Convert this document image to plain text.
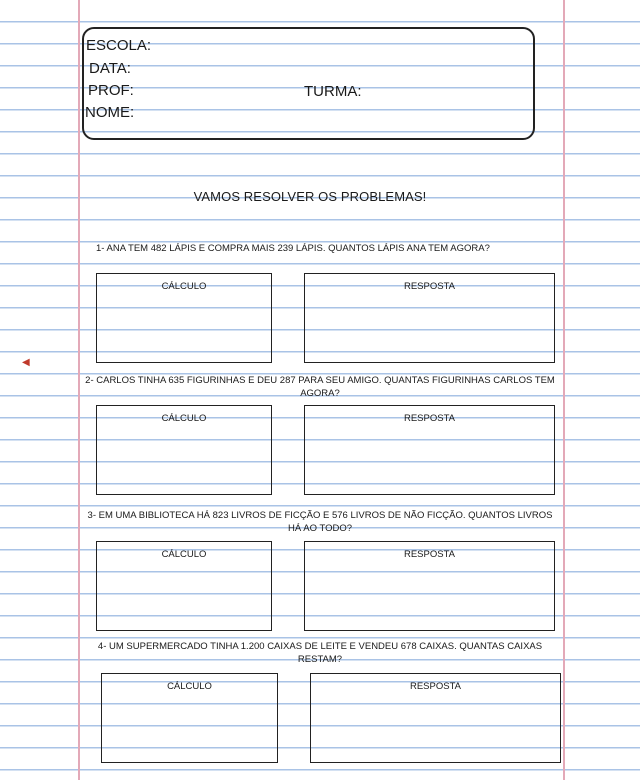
◀
ESCOLA:
DATA:
PROF:	TURMA:
NOME:
VAMOS RESOLVER OS PROBLEMAS!
1- ANA TEM 482 LÁPIS E COMPRA MAIS 239 LÁPIS. QUANTOS LÁPIS ANA TEM AGORA?
CÁLCULO	RESPOSTA
2- CARLOS TINHA 635 FIGURINHAS E DEU 287 PARA SEU AMIGO. QUANTAS FIGURINHAS CARLOS TEM AGORA?
CÁLCULO	RESPOSTA
3- EM UMA BIBLIOTECA HÁ 823 LIVROS DE FICÇÃO E 576 LIVROS DE NÃO FICÇÃO. QUANTOS LIVROS HÁ AO TODO?
CÁLCULO	RESPOSTA
4- UM SUPERMERCADO TINHA 1.200 CAIXAS DE LEITE E VENDEU 678 CAIXAS. QUANTAS CAIXAS RESTAM?
CÁLCULO	RESPOSTA
